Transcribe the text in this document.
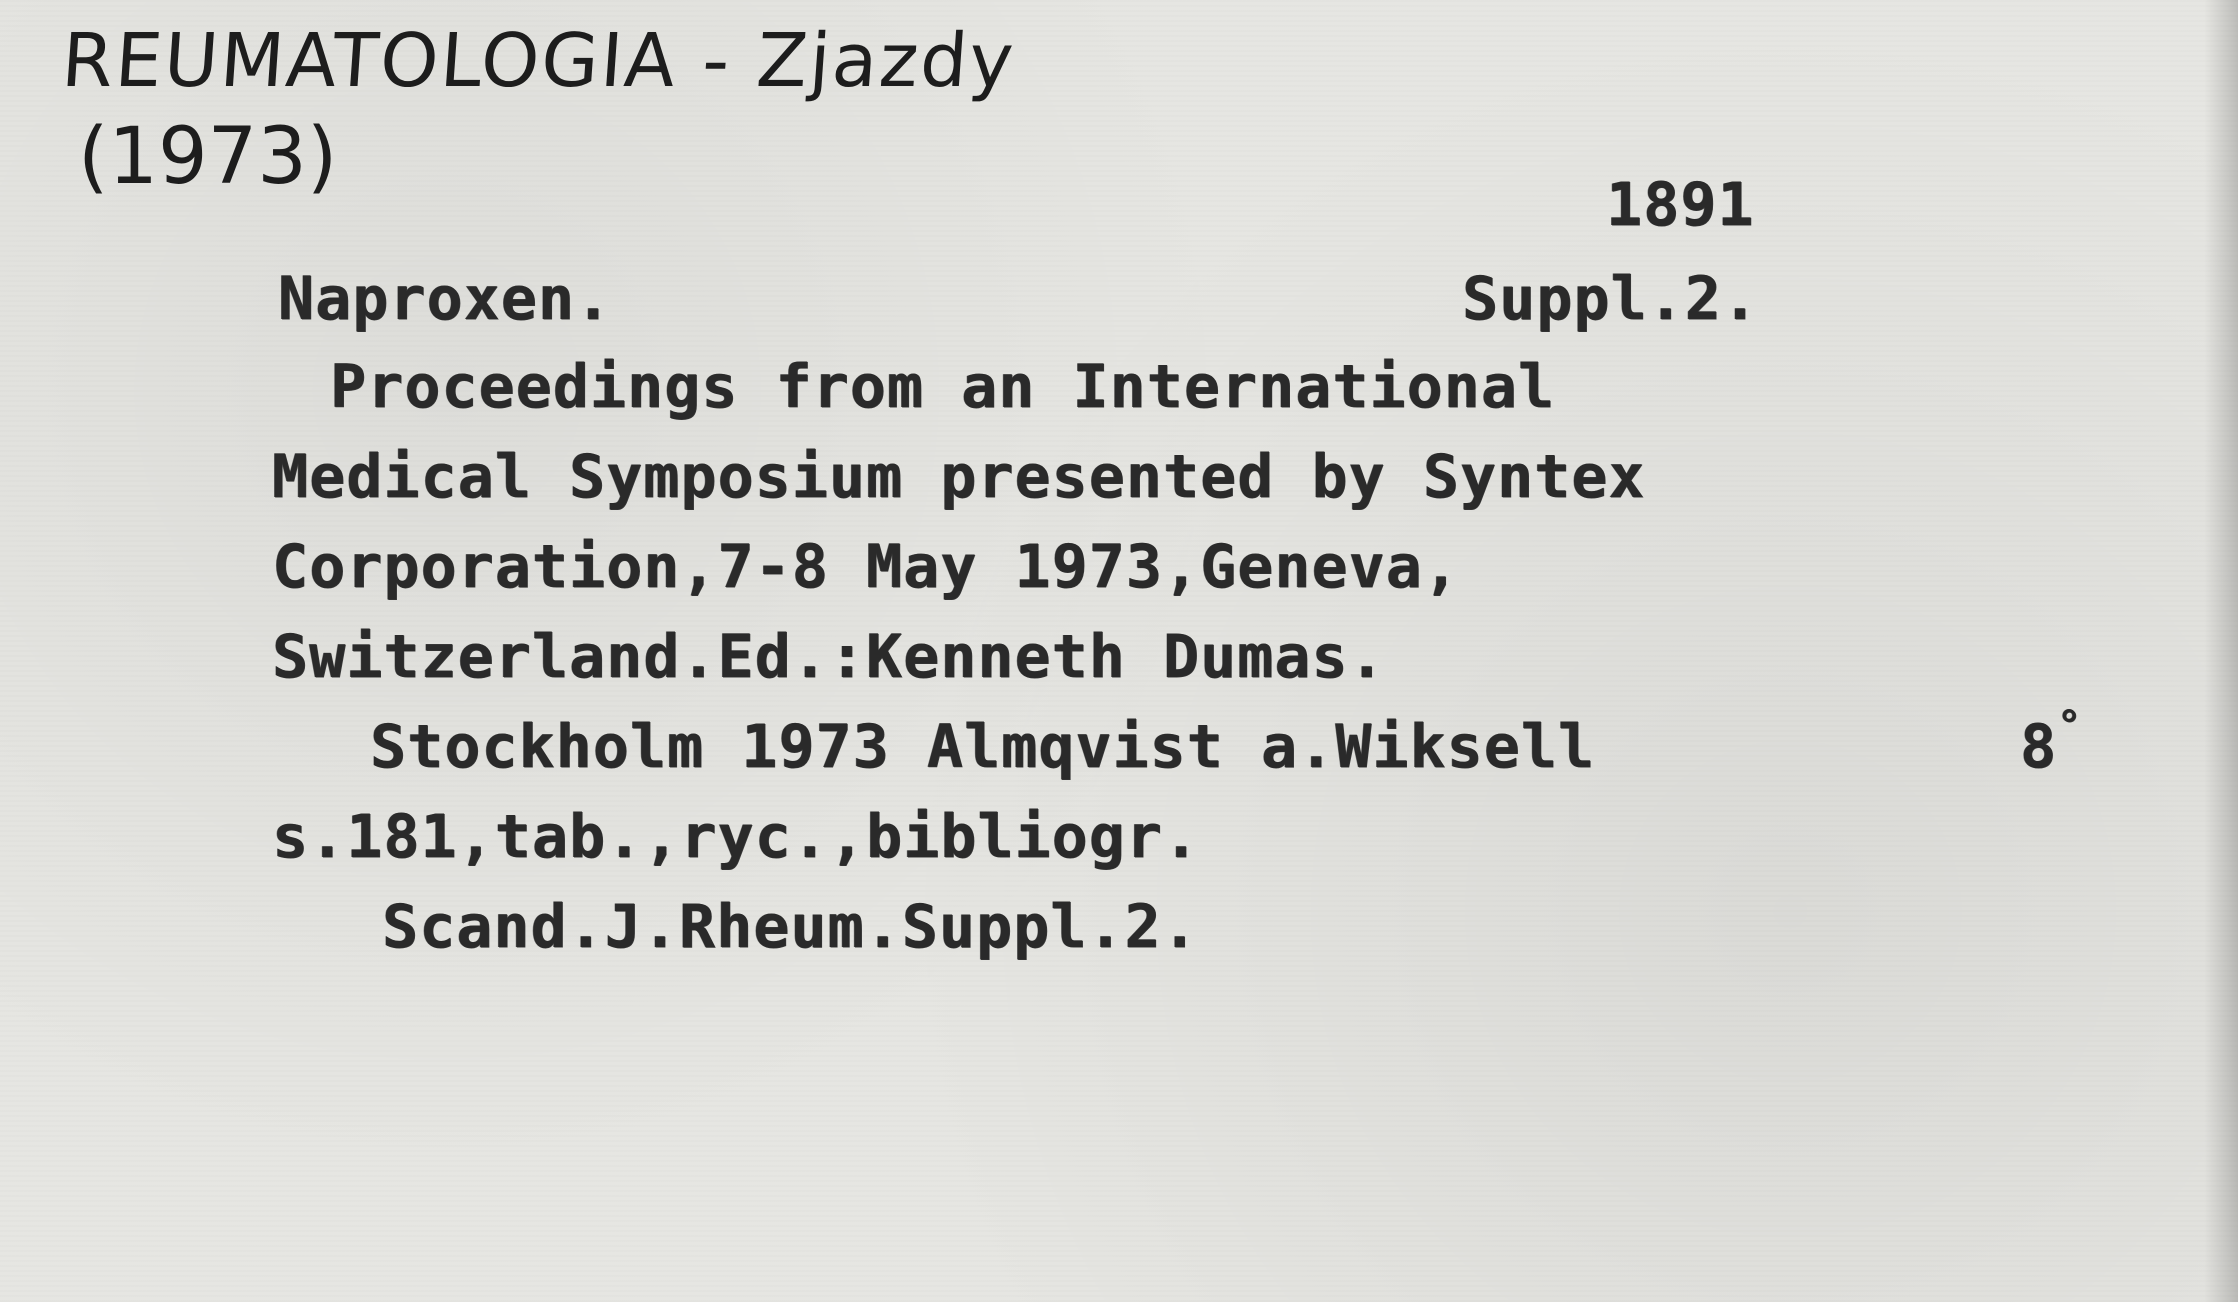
REUMATOLOGIA - Zjazdy
(1973)
1891
Naproxen.	Suppl.2.
Proceedings from an International
Medical Symposium presented by Syntex
Corporation,7-8 May 1973,Geneva,
Switzerland.Ed.:Kenneth Dumas.
Stockholm 1973 Almqvist a.Wiksell	8°
s.181,tab.,ryc.,bibliogr.
Scand.J.Rheum.Suppl.2.
